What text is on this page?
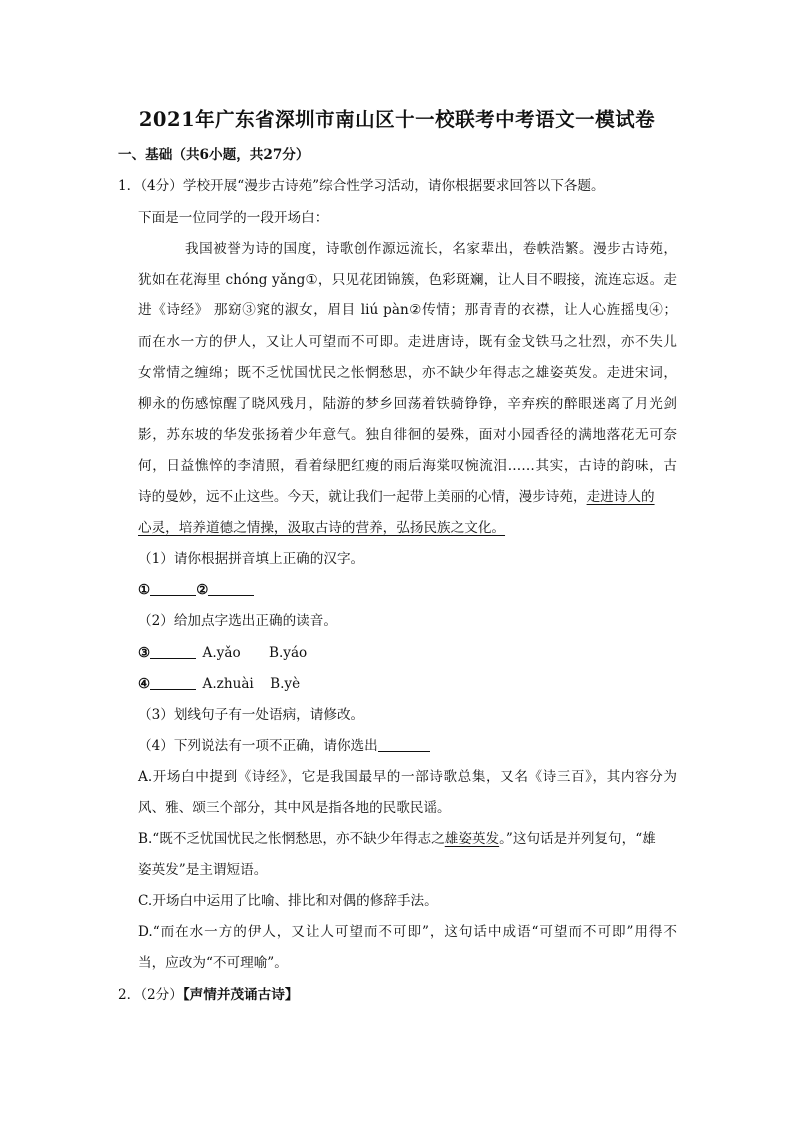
2021年广东省深圳市南山区十一校联考中考语文一模试卷
一、基础（共6小题，共27分）
1．（4分）学校开展“漫步古诗苑”综合性学习活动，请你根据要求回答以下各题。
下面是一位同学的一段开场白：
我国被誉为诗的国度，诗歌创作源远流长，名家辈出，卷帙浩繁。漫步古诗苑，
犹如在花海里 chóng yǎng①，只见花团锦簇，色彩斑斓，让人目不暇接，流连忘返。走
进《诗经》 那窈③窕的淑女，眉目 liú pàn②传情；那青青的衣襟，让人心旌摇曳④；
而在水一方的伊人，又让人可望而不可即。走进唐诗，既有金戈铁马之壮烈，亦不失儿
女常情之缠绵；既不乏忧国忧民之怅惘愁思，亦不缺少年得志之雄姿英发。走进宋词，
柳永的伤感惊醒了晓风残月，陆游的梦乡回荡着铁骑铮铮，辛弃疾的醉眼迷离了月光剑
影，苏东坡的华发张扬着少年意气。独自徘徊的晏殊，面对小园香径的满地落花无可奈
何，日益憔悴的李清照，看着绿肥红瘦的雨后海棠叹惋流泪……其实，古诗的韵味，古
诗的曼妙，远不止这些。今天，就让我们一起带上美丽的心情，漫步诗苑，走进诗人的
心灵，培养道德之情操，汲取古诗的营养，弘扬民族之文化。
（1）请你根据拼音填上正确的汉字。
①	②
（2）给加点字选出正确的读音。
③	A.yǎo B.yáo
④	A.zhuài B.yè
（3）划线句子有一处语病，请修改。
（4）下列说法有一项不正确，请你选出
A.开场白中提到《诗经》，它是我国最早的一部诗歌总集，又名《诗三百》，其内容分为
风、雅、颂三个部分，其中风是指各地的民歌民谣。
B.“既不乏忧国忧民之怅惘愁思，亦不缺少年得志之雄姿英发。”这句话是并列复句，“雄
姿英发”是主谓短语。
C.开场白中运用了比喻、排比和对偶的修辞手法。
D.“而在水一方的伊人，又让人可望而不可即”，这句话中成语“可望而不可即”用得不
当，应改为“不可理喻”。
2．（2分）【声情并茂诵古诗】
